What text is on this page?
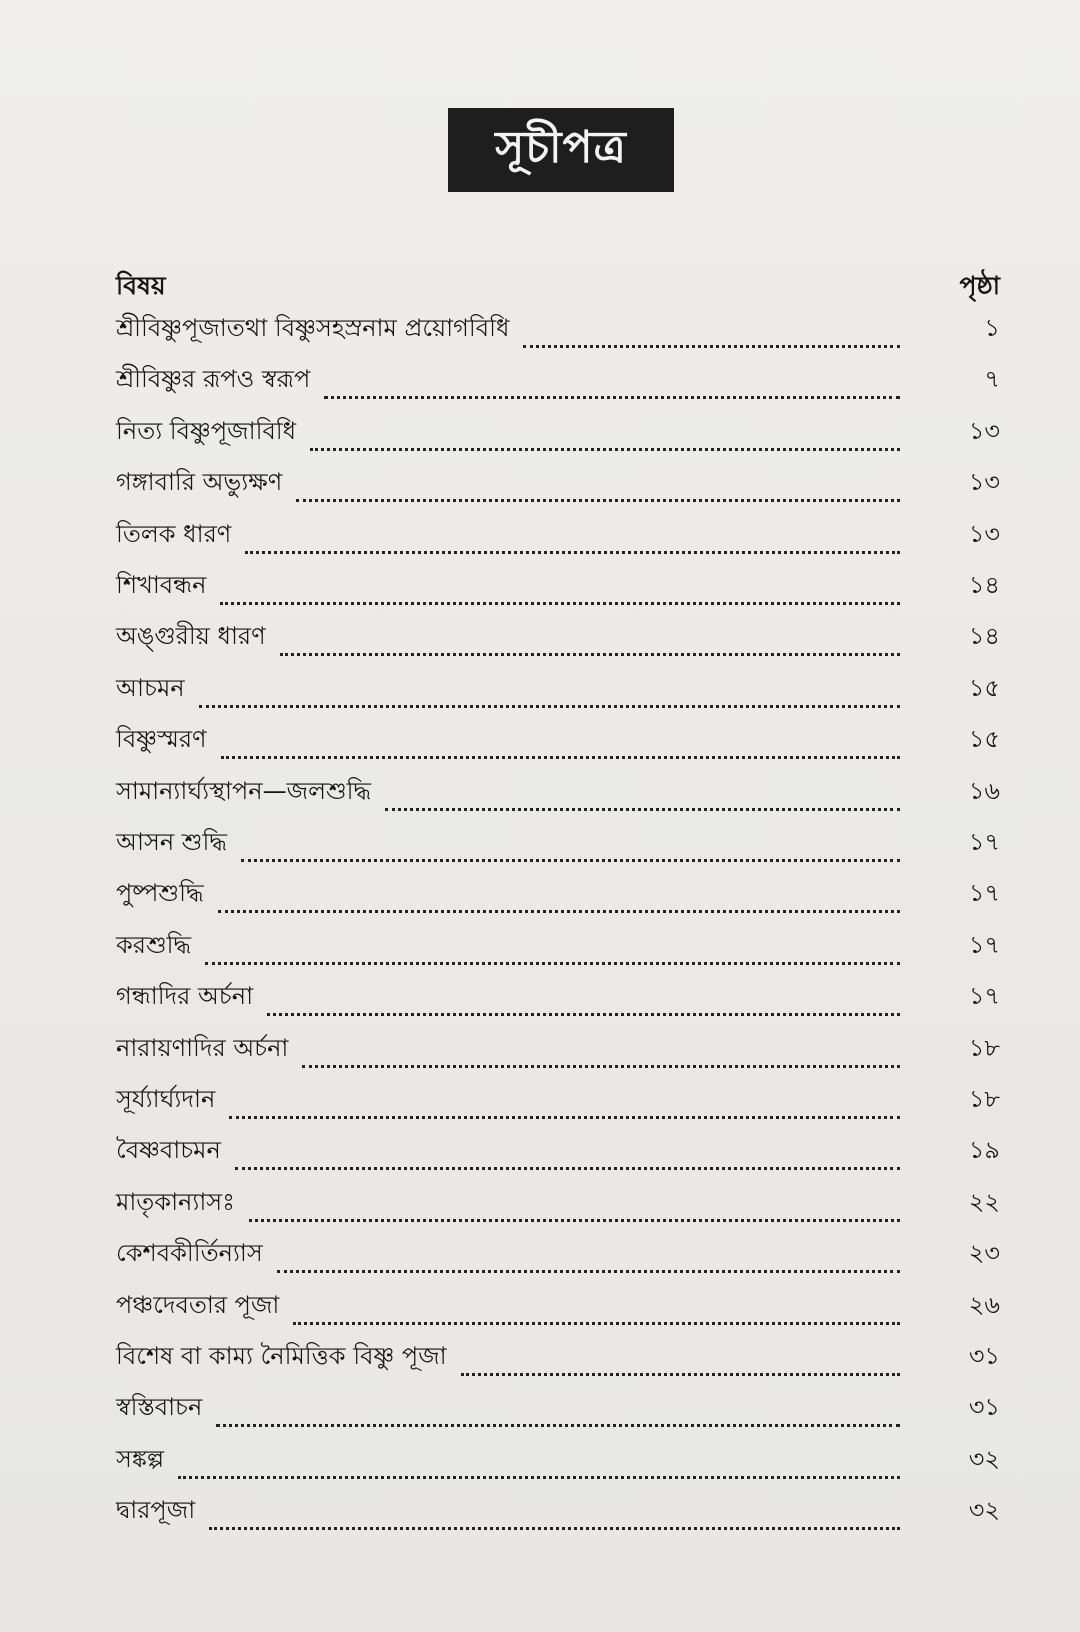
সূচীপত্র
বিষয়	পৃষ্ঠা
শ্রীবিষ্ণুপূজাতথা বিষ্ণুসহস্রনাম প্রয়োগবিধি	১
শ্রীবিষ্ণুর রূপও স্বরূপ	৭
নিত্য বিষ্ণুপূজাবিধি	১৩
গঙ্গাবারি অভ্যুক্ষণ	১৩
তিলক ধারণ	১৩
শিখাবন্ধন	১৪
অঙ্গুরীয় ধারণ	১৪
আচমন	১৫
বিষ্ণুস্মরণ	১৫
সামান্যার্ঘ্যস্থাপন—জলশুদ্ধি	১৬
আসন শুদ্ধি	১৭
পুষ্পশুদ্ধি	১৭
করশুদ্ধি	১৭
গন্ধাদির অর্চনা	১৭
নারায়ণাদির অর্চনা	১৮
সূর্য্যার্ঘ্যদান	১৮
বৈষ্ণবাচমন	১৯
মাতৃকান্যাসঃ	২২
কেশবকীর্তিন্যাস	২৩
পঞ্চদেবতার পূজা	২৬
বিশেষ বা কাম্য নৈমিত্তিক বিষ্ণু পূজা	৩১
স্বস্তিবাচন	৩১
সঙ্কল্প	৩২
দ্বারপূজা	৩২
